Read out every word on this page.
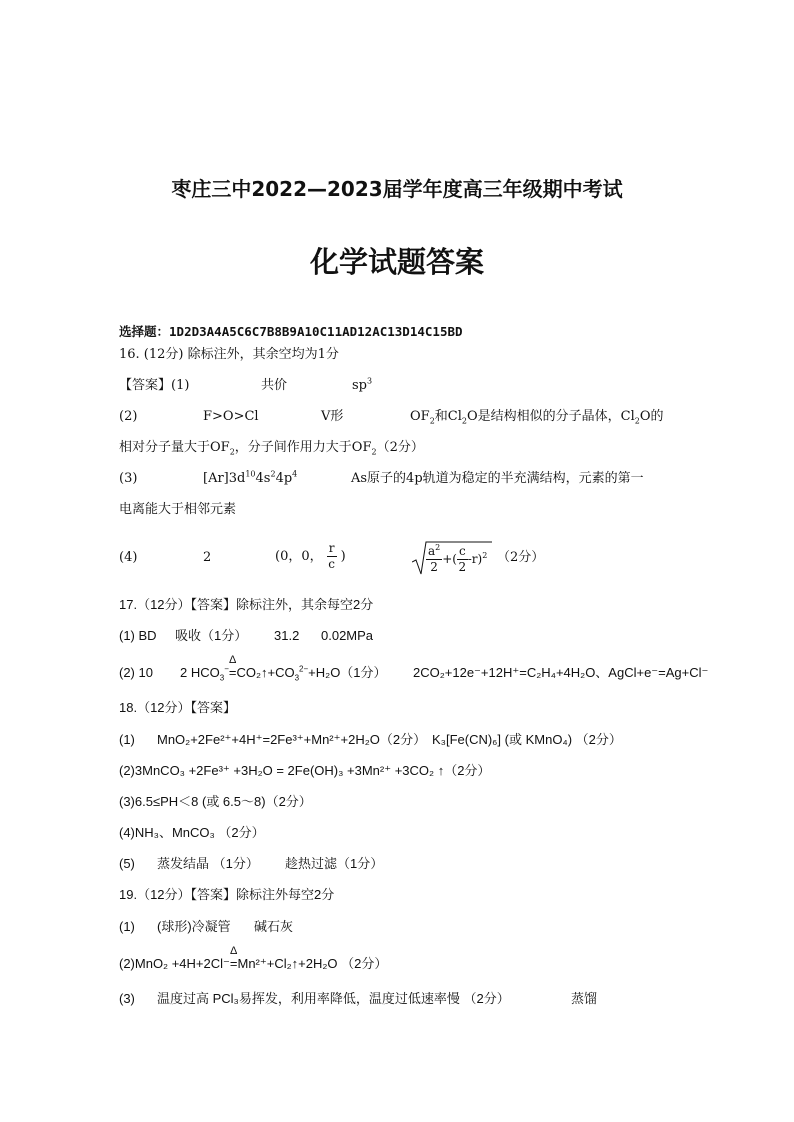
枣庄三中2022—2023届学年度高三年级期中考试
化学试题答案
选择题：1D2D3A4A5C6C7B8B9A10C11AD12AC13D14C15BD
16. (12分) 除标注外，其余空均为1分
【答案】(1)	共价	$sp^3$
(2)	F>O>Cl	V形	$OF_2$和$Cl_2O$是结构相似的分子晶体，$Cl_2O$的
相对分子量大于$OF_2$，分子间作用力大于$OF_2(2$分）
(3)	$[Ar]3d^{10}4s^24p^4$	As原子的4p轨道为稳定的半充满结构，元素的第一
电离能大于相邻元素
(4)	2	(0，0， $\frac{r}{c}$ )	$\frac{a^2}{2}$ +( $\frac{c}{2} -r)^2$ （2分）
17.（12分）【答案】除标注外，其余每空2分
(1) BD 吸收（1分） 31.2 0.02MPa
(2) 10 2 $HCO_3^-$
Δ
$=CO_2↑+CO_3^{2-}+H_2O(1$分） 2CO₂+12e⁻+12H⁺=C₂H₄+4H₂O、AgCl+e⁻=Ag+Cl⁻
18.（12分）【答案】
(1) MnO₂+2Fe²⁺+4H⁺=2Fe³⁺+Mn²⁺+2H₂O（2分） K₃[Fe(CN)₆] (或 KMnO₄) （2分）
(2)3MnCO₃ +2Fe³⁺ +3H₂O = 2Fe(OH)₃ +3Mn²⁺ +3CO₂ ↑（2分）
(3)6.5≤PH＜8 (或 6.5～8)（2分）
(4)NH₃、MnCO₃ （2分）
(5) 蒸发结晶 （1分） 趁热过滤（1分）
19.（12分）【答案】除标注外每空2分
(1) (球形)冷凝管 碱石灰
(2)MnO₂ +4H+2Cl⁻
Δ
=Mn²⁺+Cl₂↑+2H₂O （2分）
(3) 温度过高 PCl₃易挥发，利用率降低，温度过低速率慢 （2分）	蒸馏
